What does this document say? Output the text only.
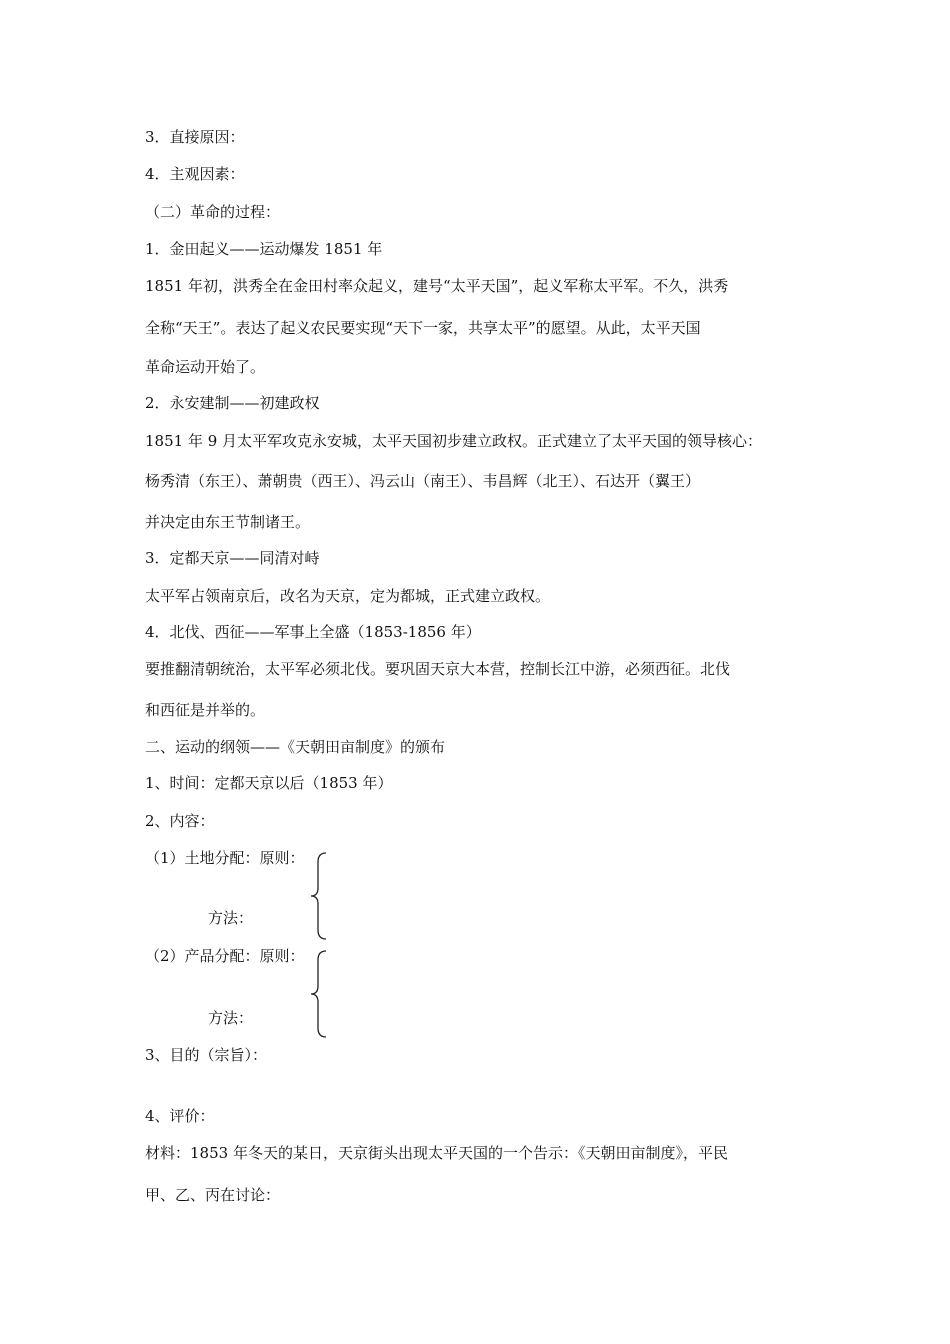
3．直接原因：
4．主观因素：
（二）革命的过程：
1．金田起义——运动爆发 1851 年
1851 年初，洪秀全在金田村率众起义，建号“太平天国”，起义军称太平军。不久，洪秀
全称“天王”。表达了起义农民要实现“天下一家，共享太平”的愿望。从此，太平天国
革命运动开始了。
2．永安建制——初建政权
1851 年 9 月太平军攻克永安城，太平天国初步建立政权。正式建立了太平天国的领导核心：
杨秀清（东王）、萧朝贵（西王）、冯云山（南王）、韦昌辉（北王）、石达开（翼王）
并决定由东王节制诸王。
3．定都天京——同清对峙
太平军占领南京后，改名为天京，定为都城，正式建立政权。
4．北伐、西征——军事上全盛（1853-1856 年）
要推翻清朝统治，太平军必须北伐。要巩固天京大本营，控制长江中游，必须西征。北伐
和西征是并举的。
二、运动的纲领——《天朝田亩制度》的颁布
1、时间：定都天京以后（1853 年）
2、内容：
（1）土地分配：原则：
方法：
（2）产品分配：原则：
方法：
3、目的（宗旨）：
4、评价：
材料：1853 年冬天的某日，天京街头出现太平天国的一个告示：《天朝田亩制度》，平民
甲、乙、丙在讨论：
